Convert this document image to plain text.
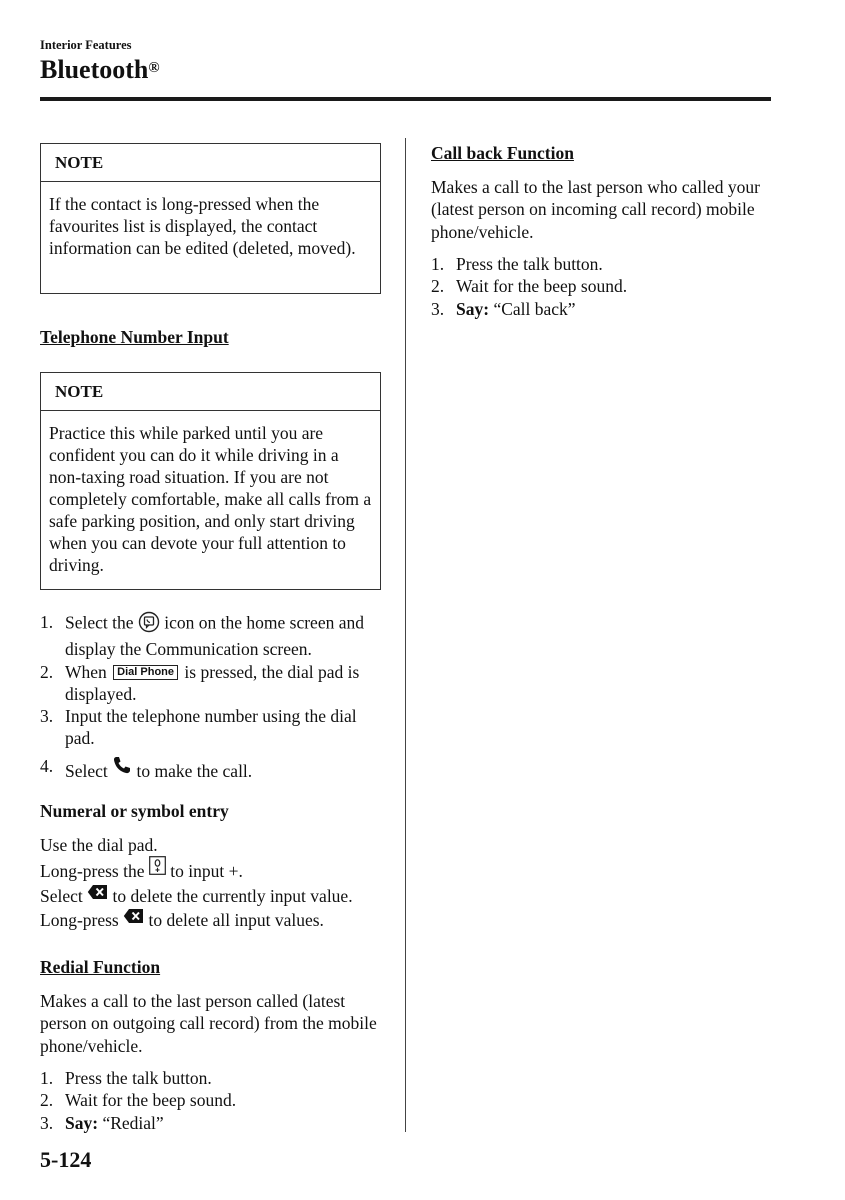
Interior Features
Bluetooth®
NOTE
If the contact is long-pressed when the favourites list is displayed, the contact information can be edited (deleted, moved).
Telephone Number Input
NOTE
Practice this while parked until you are confident you can do it while driving in a non-taxing road situation. If you are not completely comfortable, make all calls from a safe parking position, and only start driving when you can devote your full attention to driving.
1. Select the icon on the home screen and display the Communication screen.
2. When Dial Phone is pressed, the dial pad is displayed.
3. Input the telephone number using the dial pad.
4. Select to make the call.
Numeral or symbol entry
Use the dial pad.
Long-press the to input +.
Select to delete the currently input value.
Long-press to delete all input values.
Redial Function
Makes a call to the last person called (latest person on outgoing call record) from the mobile phone/vehicle.
1. Press the talk button.
2. Wait for the beep sound.
3. Say: “Redial”
Call back Function
Makes a call to the last person who called your (latest person on incoming call record) mobile phone/vehicle.
1. Press the talk button.
2. Wait for the beep sound.
3. Say: “Call back”
5-124
